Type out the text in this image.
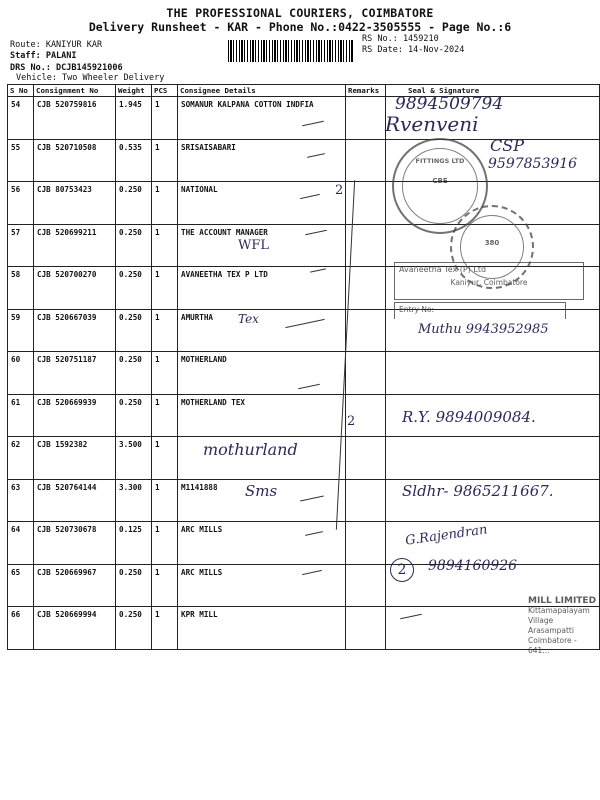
THE PROFESSIONAL COURIERS, COIMBATORE
Delivery Runsheet - KAR - Phone No.:0422-3505555 - Page No.:6
Route: KANIYUR KAR
Staff: PALANI
DRS No.: DCJB145921006
Vehicle: Two Wheeler Delivery
RS No.: 1459210
RS Date: 14-Nov-2024
S No	Consignment No	Weight	PCS	Consignee Details	Remarks	Seal & Signature
54	CJB 520759816	1.945	1	SOMANUR KALPANA COTTON INDFIA		
55	CJB 520710508	0.535	1	SRISAISABARI		
56	CJB 80753423	0.250	1	NATIONAL		
57	CJB 520699211	0.250	1	THE ACCOUNT MANAGER		
58	CJB 520700270	0.250	1	AVANEETHA TEX P LTD		
59	CJB 520667039	0.250	1	AMURTHA		
60	CJB 520751187	0.250	1	MOTHERLAND		
61	CJB 520669939	0.250	1	MOTHERLAND TEX		
62	CJB 1592382	3.500	1			
63	CJB 520764144	3.300	1	M1141888		
64	CJB 520730678	0.125	1	ARC MILLS		
65	CJB 520669967	0.250	1	ARC MILLS		
66	CJB 520669994	0.250	1	KPR MILL		
9894509794
Rvenveni
CSP
9597853916
WFL
Tex
Muthu 9943952985
R.Y. 9894009084.
mothurland
Sms	Sldhr- 9865211667.
G.Rajendran
9894160926
2
2
2
FITTINGS LTD
CBE
380
Avaneetha Tex (P) Ltd
Kaniyur, Coimbatore
Entry No:
MILL LIMITED
Kittamapalayam Village
Arasampatti
Coimbatore - 641...
